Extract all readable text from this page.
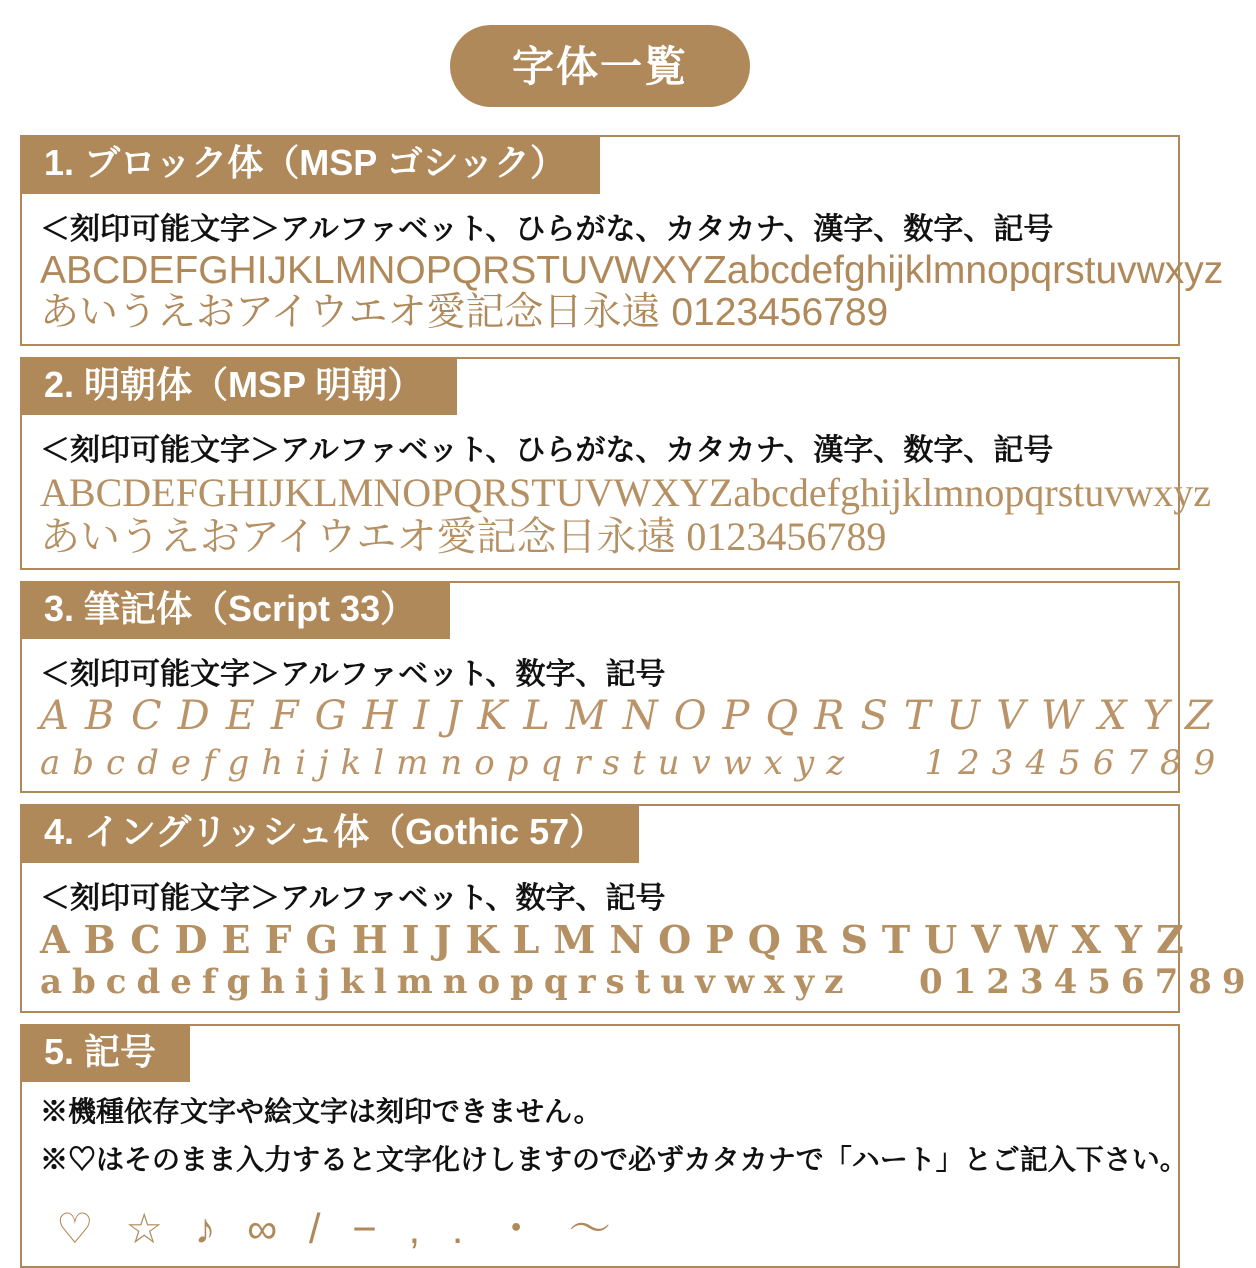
字体一覧
1. ブロック体（MSP ゴシック）
＜刻印可能文字＞アルファベット、ひらがな、カタカナ、漢字、数字、記号
ABCDEFGHIJKLMNOPQRSTUVWXYZabcdefghijklmnopqrstuvwxyz
あいうえおアイウエオ愛記念日永遠 0123456789
2. 明朝体（MSP 明朝）
＜刻印可能文字＞アルファベット、ひらがな、カタカナ、漢字、数字、記号
ABCDEFGHIJKLMNOPQRSTUVWXYZabcdefghijklmnopqrstuvwxyz
あいうえおアイウエオ愛記念日永遠 0123456789
3. 筆記体（Script 33）
＜刻印可能文字＞アルファベット、数字、記号
ABCDEFGHIJKLMNOPQRSTUVWXYZ
abcdefghijklmnopqrstuvwxyz   123456789
4. イングリッシュ体（Gothic 57）
＜刻印可能文字＞アルファベット、数字、記号
ABCDEFGHIJKLMNOPQRSTUVWXYZ
abcdefghijklmnopqrstuvwxyz   0123456789
5. 記号
※機種依存文字や絵文字は刻印できません。
※♡はそのまま入力すると文字化けしますので必ずカタカナで「ハート」とご記入下さい。
♡ ☆ ♪ ∞ / − , . ・ ～
